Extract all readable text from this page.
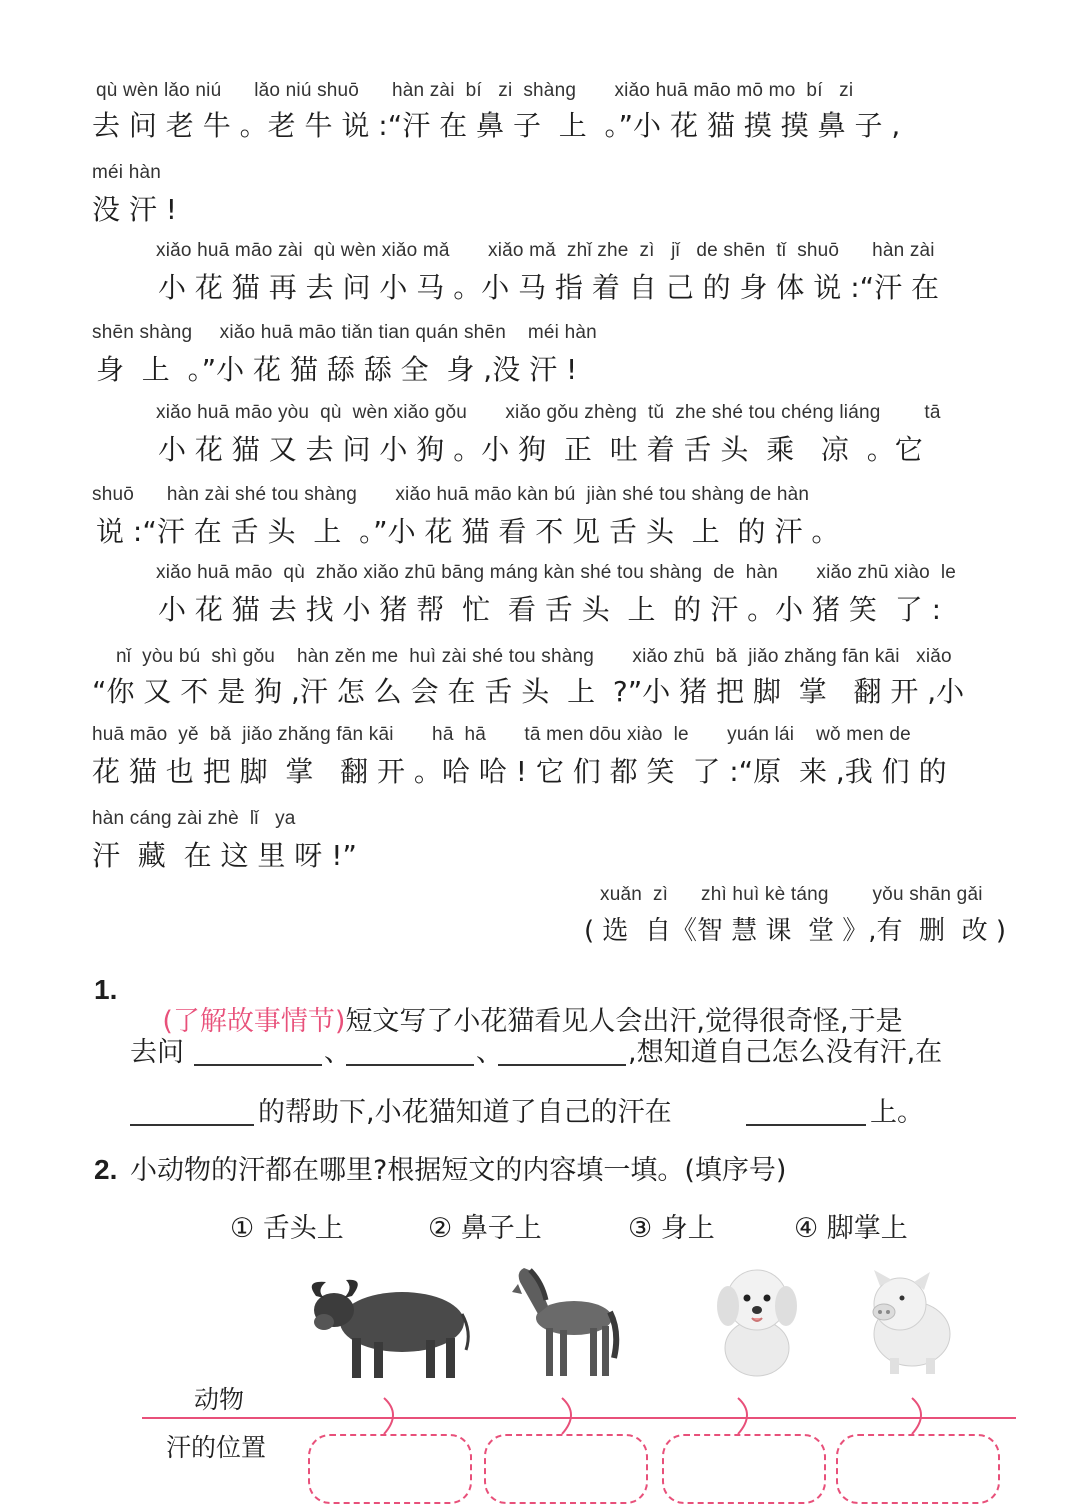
qù wèn lǎo niú      lǎo niú shuō      hàn zài  bí   zi  shàng       xiǎo huā māo mō mo  bí   zi
去 问 老 牛 。老 牛 说 :“汗 在 鼻 子  上  。”小 花 猫 摸 摸 鼻 子 ,
méi hàn
没 汗 !
xiǎo huā māo zài  qù wèn xiǎo mǎ       xiǎo mǎ  zhǐ zhe  zì   jǐ   de shēn  tǐ  shuō      hàn zài
小 花 猫 再 去 问 小 马 。小 马 指 着 自 己 的 身 体 说 :“汗 在
shēn shàng     xiǎo huā māo tiǎn tian quán shēn    méi hàn
身  上  。”小 花 猫 舔 舔 全  身 ,没 汗 !
xiǎo huā māo yòu  qù  wèn xiǎo gǒu       xiǎo gǒu zhèng  tǔ  zhe shé tou chéng liáng        tā
小 花 猫 又 去 问 小 狗 。小 狗  正  吐 着 舌 头  乘   凉  。它
shuō      hàn zài shé tou shàng       xiǎo huā māo kàn bú  jiàn shé tou shàng de hàn
说 :“汗 在 舌 头  上  。”小 花 猫 看 不 见 舌 头  上  的 汗 。
xiǎo huā māo  qù  zhǎo xiǎo zhū bāng máng kàn shé tou shàng  de  hàn       xiǎo zhū xiào  le
小 花 猫 去 找 小 猪 帮  忙  看 舌 头  上  的 汗 。小 猪 笑  了 :
nǐ  yòu bú  shì gǒu    hàn zěn me  huì zài shé tou shàng       xiǎo zhū  bǎ  jiǎo zhǎng fān kāi   xiǎo
“你 又 不 是 狗 ,汗 怎 么 会 在 舌 头  上  ?”小 猪 把 脚  掌   翻 开 ,小
huā māo  yě  bǎ  jiǎo zhǎng fān kāi       hā  hā       tā men dōu xiào  le       yuán lái    wǒ men de
花 猫 也 把 脚  掌   翻 开 。哈 哈 ! 它 们 都 笑  了 :“原  来 ,我 们 的
hàn cáng zài zhè  lǐ   ya
汗  藏  在 这 里 呀 !”
xuǎn  zì      zhì huì kè táng        yǒu shān gǎi
( 选  自《智 慧 课  堂 》,有  删  改 )
1.

(了解故事情节)短文写了小花猫看见人会出汗,觉得很奇怪,于是

去问	、	、	,想知道自己怎么没有汗,在
的帮助下,小花猫知道了自己的汗在	上。
2. 小动物的汗都在哪里?根据短文的内容填一填。(填序号)
① 舌头上	② 鼻子上	③ 身上	④ 脚掌上
动物
汗的位置
